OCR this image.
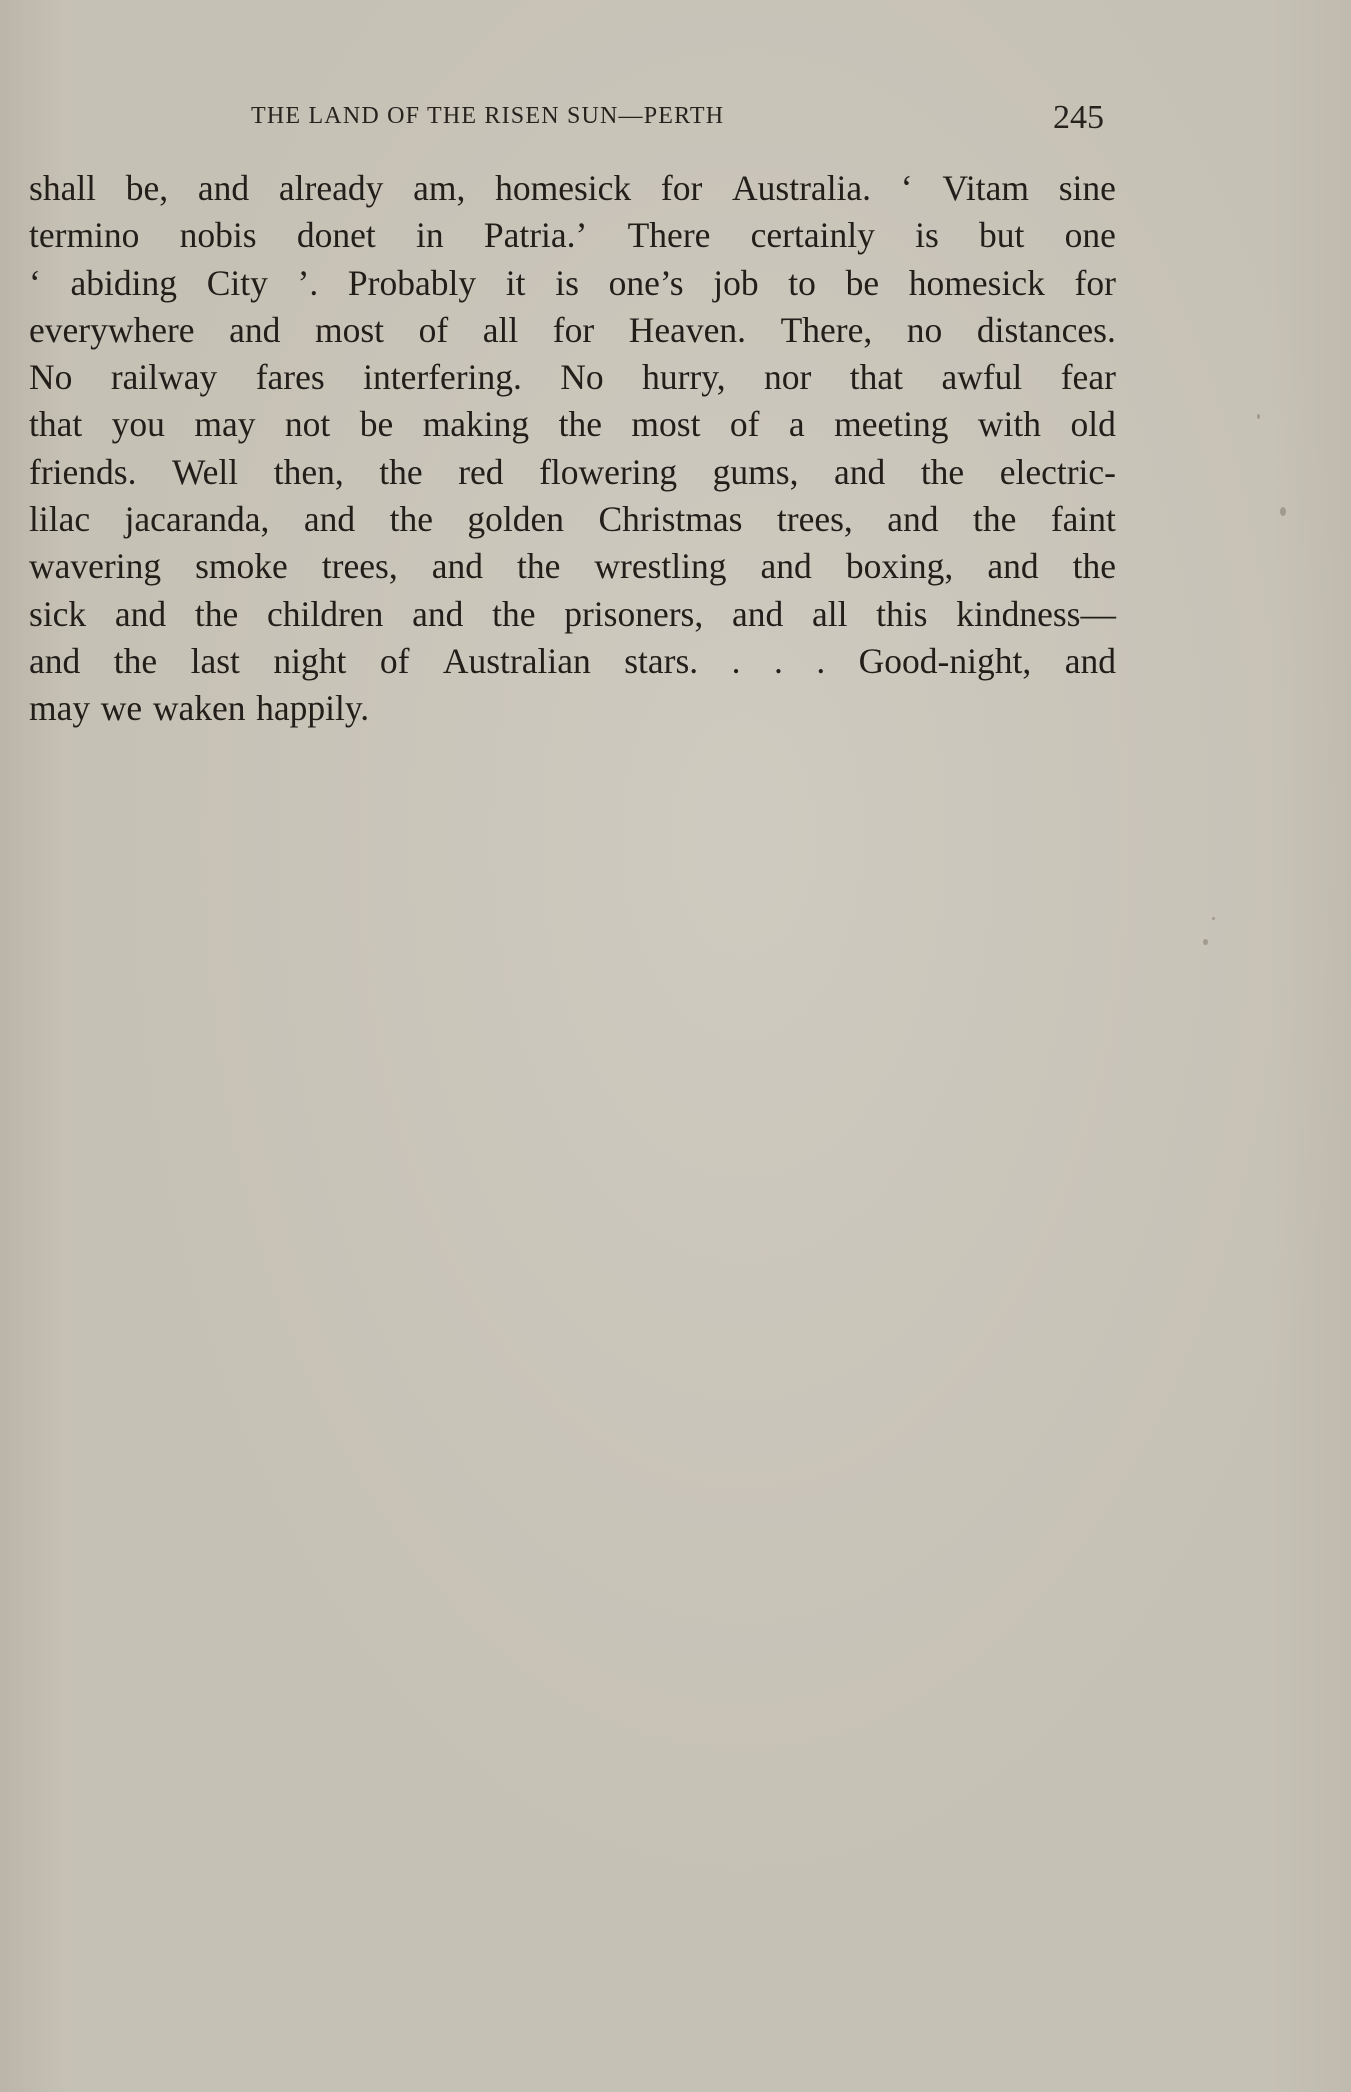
THE LAND OF THE RISEN SUN—PERTH	245
shall be, and already am, homesick for Australia. ‘ Vitam sine
termino nobis donet in Patria.’ There certainly is but one
‘ abiding City ’. Probably it is one’s job to be homesick for
everywhere and most of all for Heaven. There, no distances.
No railway fares interfering. No hurry, nor that awful fear
that you may not be making the most of a meeting with old
friends. Well then, the red flowering gums, and the electric-
lilac jacaranda, and the golden Christmas trees, and the faint
wavering smoke trees, and the wrestling and boxing, and the
sick and the children and the prisoners, and all this kindness—
and the last night of Australian stars. . . . Good-night, and
may we waken happily.
